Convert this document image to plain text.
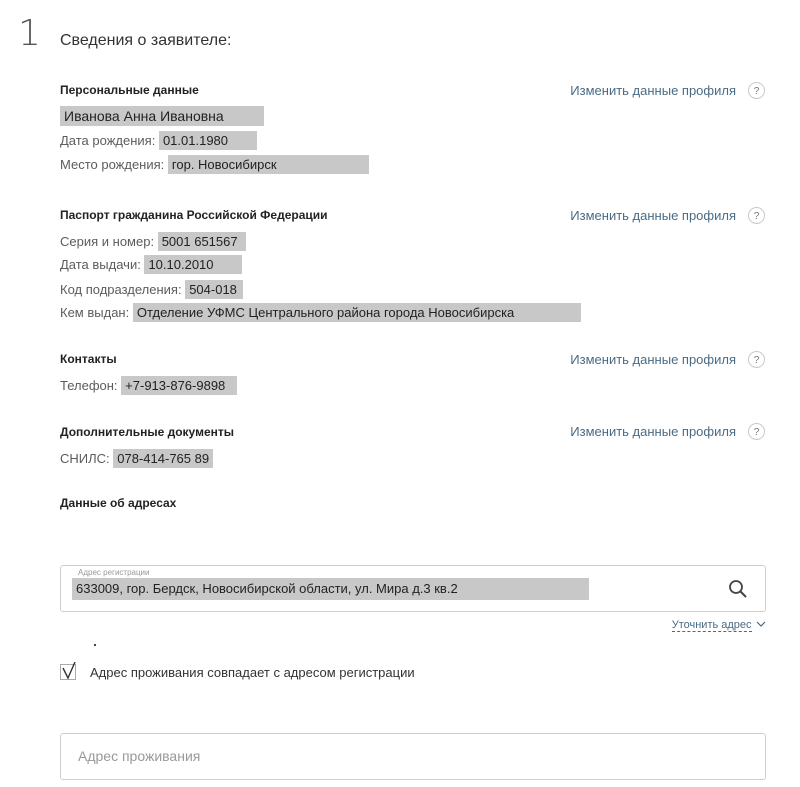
1 Сведения о заявителе:
Персональные данные	Изменить данные профиля	?
Иванова Анна Ивановна
Дата рождения: 01.01.1980
Место рождения: гор. Новосибирск
Паспорт гражданина Российской Федерации	Изменить данные профиля	?
Серия и номер: 5001 651567
Дата выдачи: 10.10.2010
Код подразделения: 504-018
Кем выдан: Отделение УФМС Центрального района города Новосибирска
Контакты	Изменить данные профиля	?
Телефон: +7-913-876-9898
Дополнительные документы	Изменить данные профиля	?
СНИЛС: 078-414-765 89
Данные об адресах
Адрес регистрации
633009, гор. Бердск, Новосибирской области, ул. Мира д.3 кв.2
Уточнить адрес
Адрес проживания совпадает с адресом регистрации
Адрес проживания
